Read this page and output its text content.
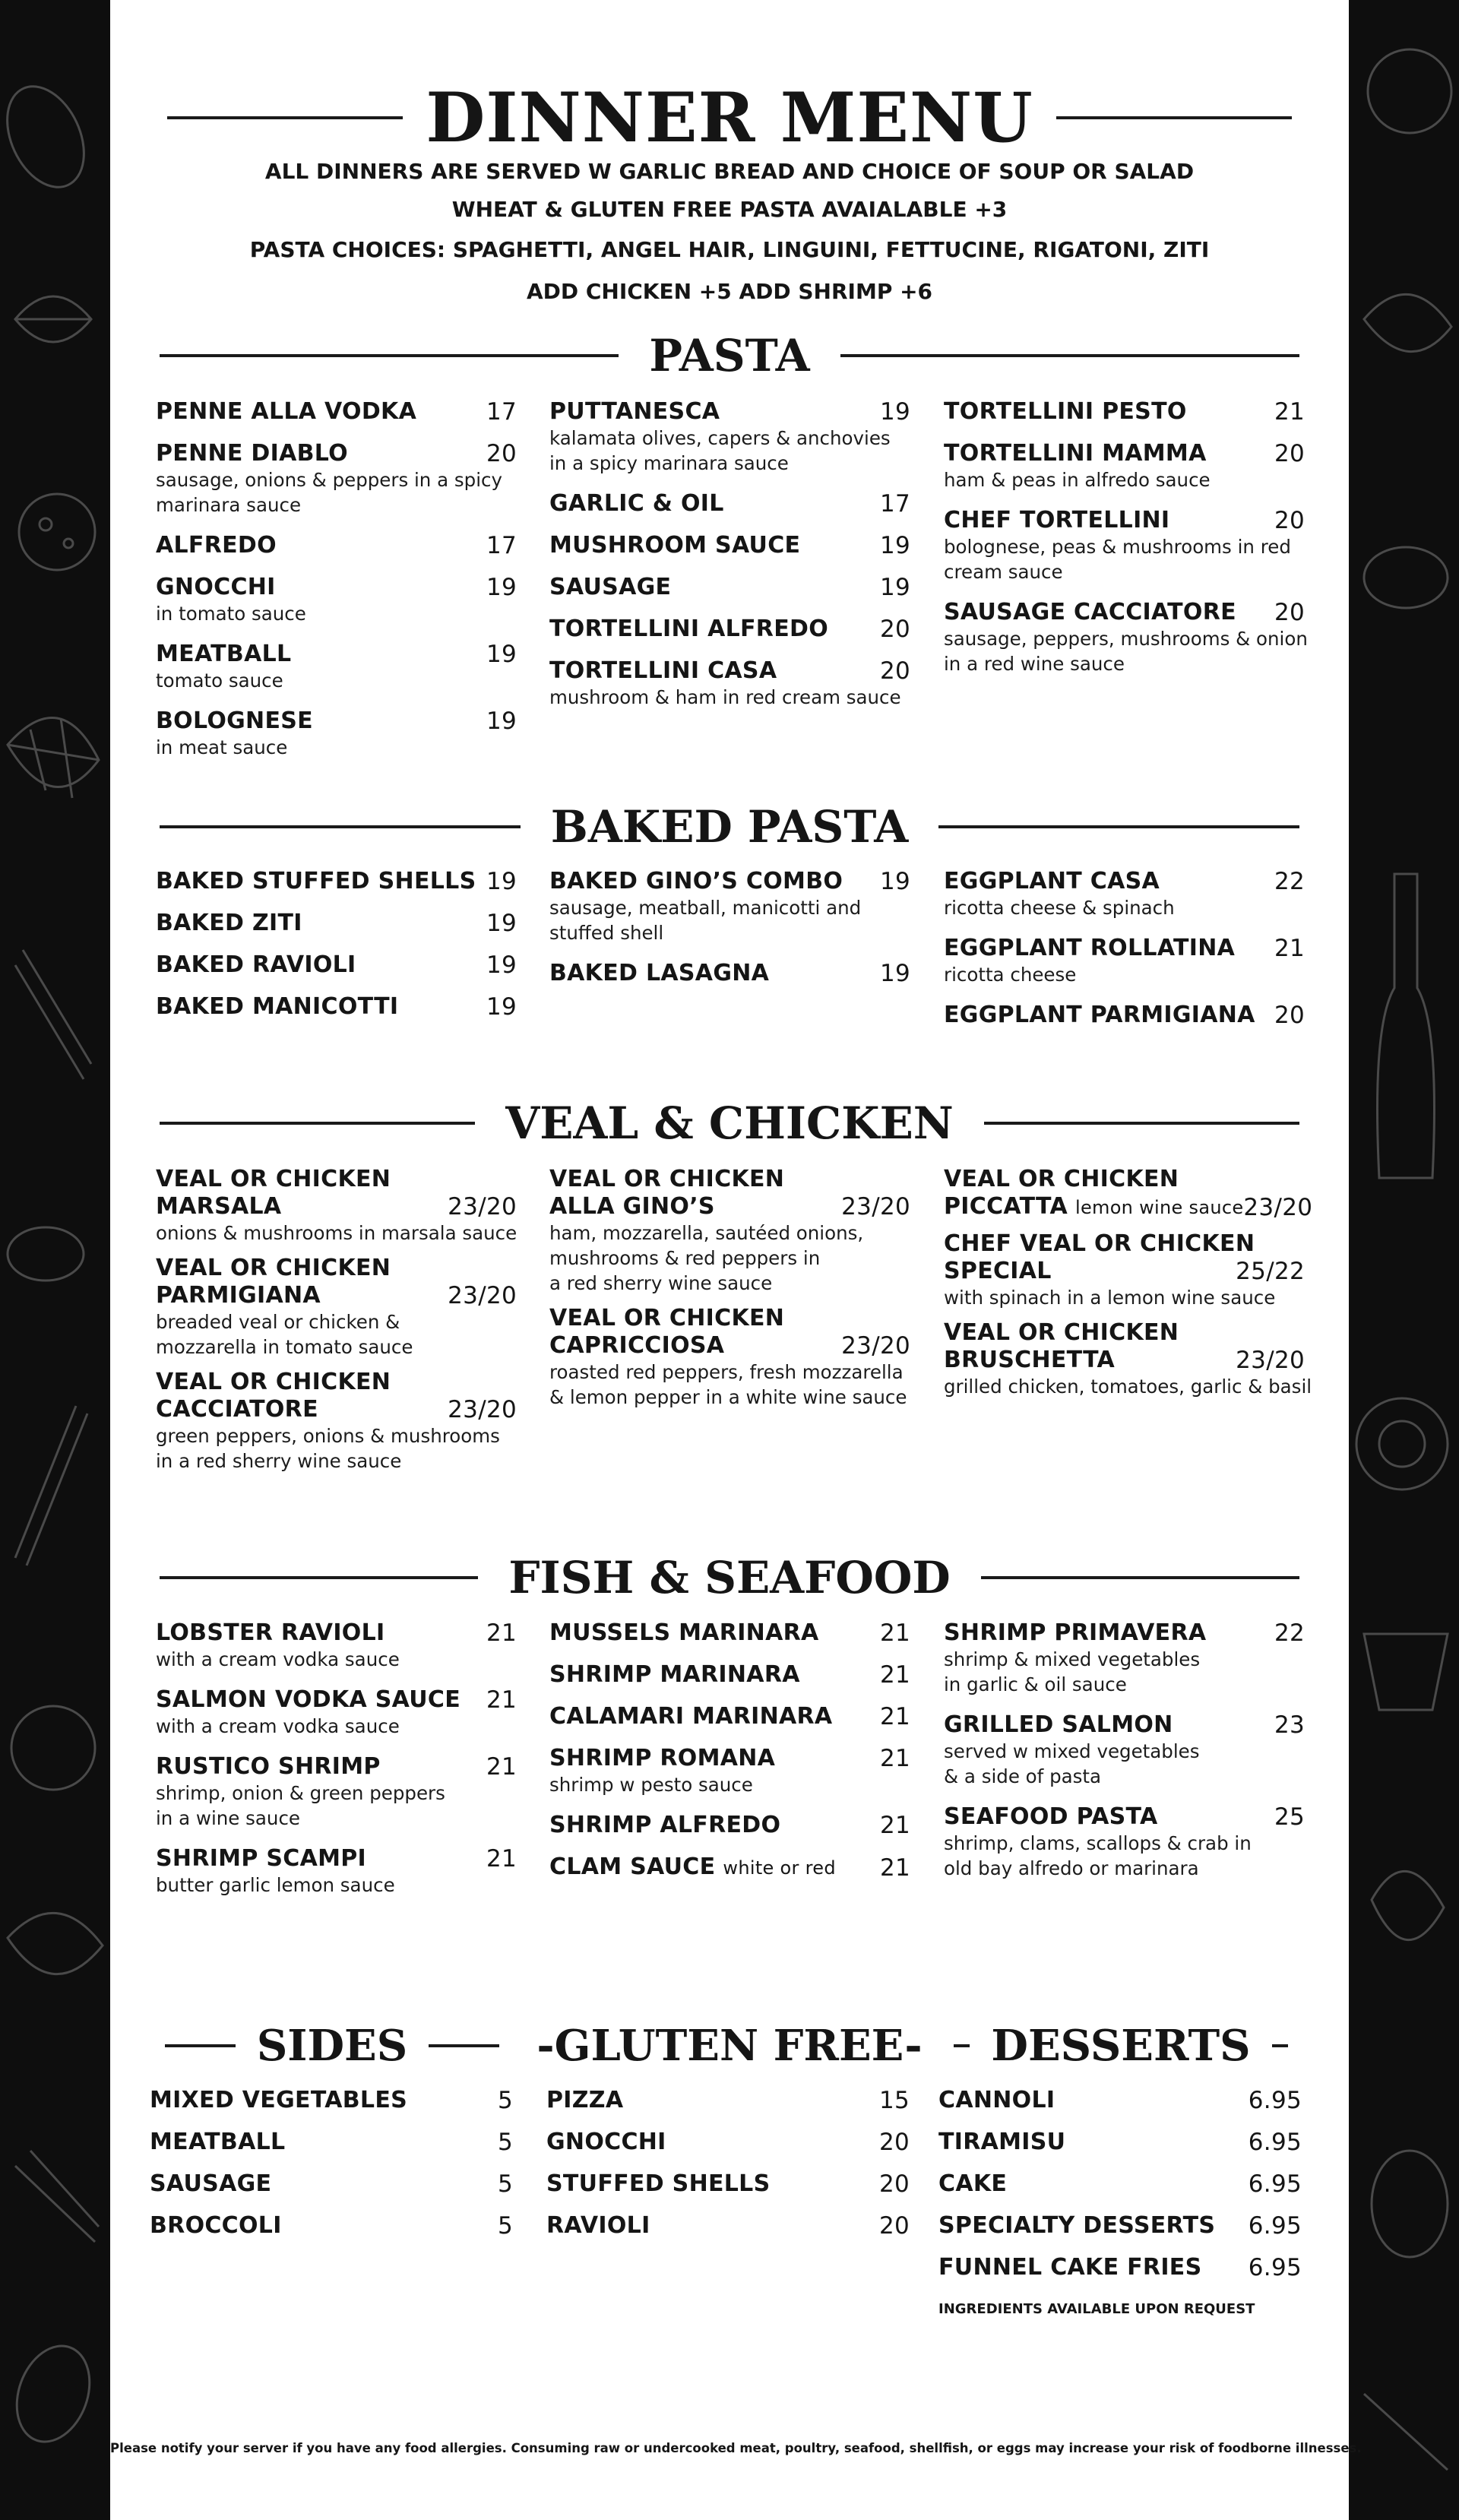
DINNER MENU
ALL DINNERS ARE SERVED W GARLIC BREAD AND CHOICE OF SOUP OR SALAD
WHEAT & GLUTEN FREE PASTA AVAIALABLE +3
PASTA CHOICES: SPAGHETTI, ANGEL HAIR, LINGUINI, FETTUCINE, RIGATONI, ZITI
ADD CHICKEN +5 ADD SHRIMP +6
PASTA
PENNE ALLA VODKA	17
PENNE DIABLO	20
sausage, onions & peppers in a spicy
marinara sauce
ALFREDO	17
GNOCCHI	19
in tomato sauce
MEATBALL	19
tomato sauce
BOLOGNESE	19
in meat sauce
PUTTANESCA	19
kalamata olives, capers & anchovies
in a spicy marinara sauce
GARLIC & OIL	17
MUSHROOM SAUCE	19
SAUSAGE	19
TORTELLINI ALFREDO 20
TORTELLINI CASA	20
mushroom & ham in red cream sauce
TORTELLINI PESTO	21
TORTELLINI MAMMA	20
ham & peas in alfredo sauce
CHEF TORTELLINI	20
bolognese, peas & mushrooms in red
cream sauce
SAUSAGE CACCIATORE 20
sausage, peppers, mushrooms & onion
in a red wine sauce
BAKED PASTA
BAKED STUFFED SHELLS 19
BAKED ZITI	19
BAKED RAVIOLI	19
BAKED MANICOTTI	19
BAKED GINO’S COMBO 19
sausage, meatball, manicotti and
stuffed shell
BAKED LASAGNA	19
EGGPLANT CASA	22
ricotta cheese & spinach
EGGPLANT ROLLATINA 21
ricotta cheese
EGGPLANT PARMIGIANA 20
VEAL & CHICKEN
VEAL OR CHICKEN
MARSALA	23/20
onions & mushrooms in marsala sauce
VEAL OR CHICKEN
PARMIGIANA	23/20
breaded veal or chicken &
mozzarella in tomato sauce
VEAL OR CHICKEN
CACCIATORE	23/20
green peppers, onions & mushrooms
in a red sherry wine sauce
VEAL OR CHICKEN
ALLA GINO’S	23/20
ham, mozzarella, sautéed onions,
mushrooms & red peppers in
a red sherry wine sauce
VEAL OR CHICKEN
CAPRICCIOSA	23/20
roasted red peppers, fresh mozzarella
& lemon pepper in a white wine sauce
VEAL OR CHICKEN
PICCATTA lemon wine sauce 23/20
CHEF VEAL OR CHICKEN
SPECIAL	25/22
with spinach in a lemon wine sauce
VEAL OR CHICKEN
BRUSCHETTA	23/20
grilled chicken, tomatoes, garlic & basil
FISH & SEAFOOD
LOBSTER RAVIOLI	21
with a cream vodka sauce
SALMON VODKA SAUCE 21
with a cream vodka sauce
RUSTICO SHRIMP	21
shrimp, onion & green peppers
in a wine sauce
SHRIMP SCAMPI	21
butter garlic lemon sauce
MUSSELS MARINARA	21
SHRIMP MARINARA	21
CALAMARI MARINARA 21
SHRIMP ROMANA	21
shrimp w pesto sauce
SHRIMP ALFREDO	21
CLAM SAUCE white or red 21
SHRIMP PRIMAVERA	22
shrimp & mixed vegetables
in garlic & oil sauce
GRILLED SALMON	23
served w mixed vegetables
& a side of pasta
SEAFOOD PASTA	25
shrimp, clams, scallops & crab in
old bay alfredo or marinara
SIDES	-GLUTEN FREE-	DESSERTS
MIXED VEGETABLES	5
MEATBALL	5
SAUSAGE	5
BROCCOLI	5
PIZZA	15
GNOCCHI	20
STUFFED SHELLS	20
RAVIOLI	20
CANNOLI	6.95
TIRAMISU	6.95
CAKE	6.95
SPECIALTY DESSERTS 6.95
FUNNEL CAKE FRIES 6.95
INGREDIENTS AVAILABLE UPON REQUEST
Please notify your server if you have any food allergies. Consuming raw or undercooked meat, poultry, seafood, shellfish, or eggs may increase your risk of foodborne illnesses.
